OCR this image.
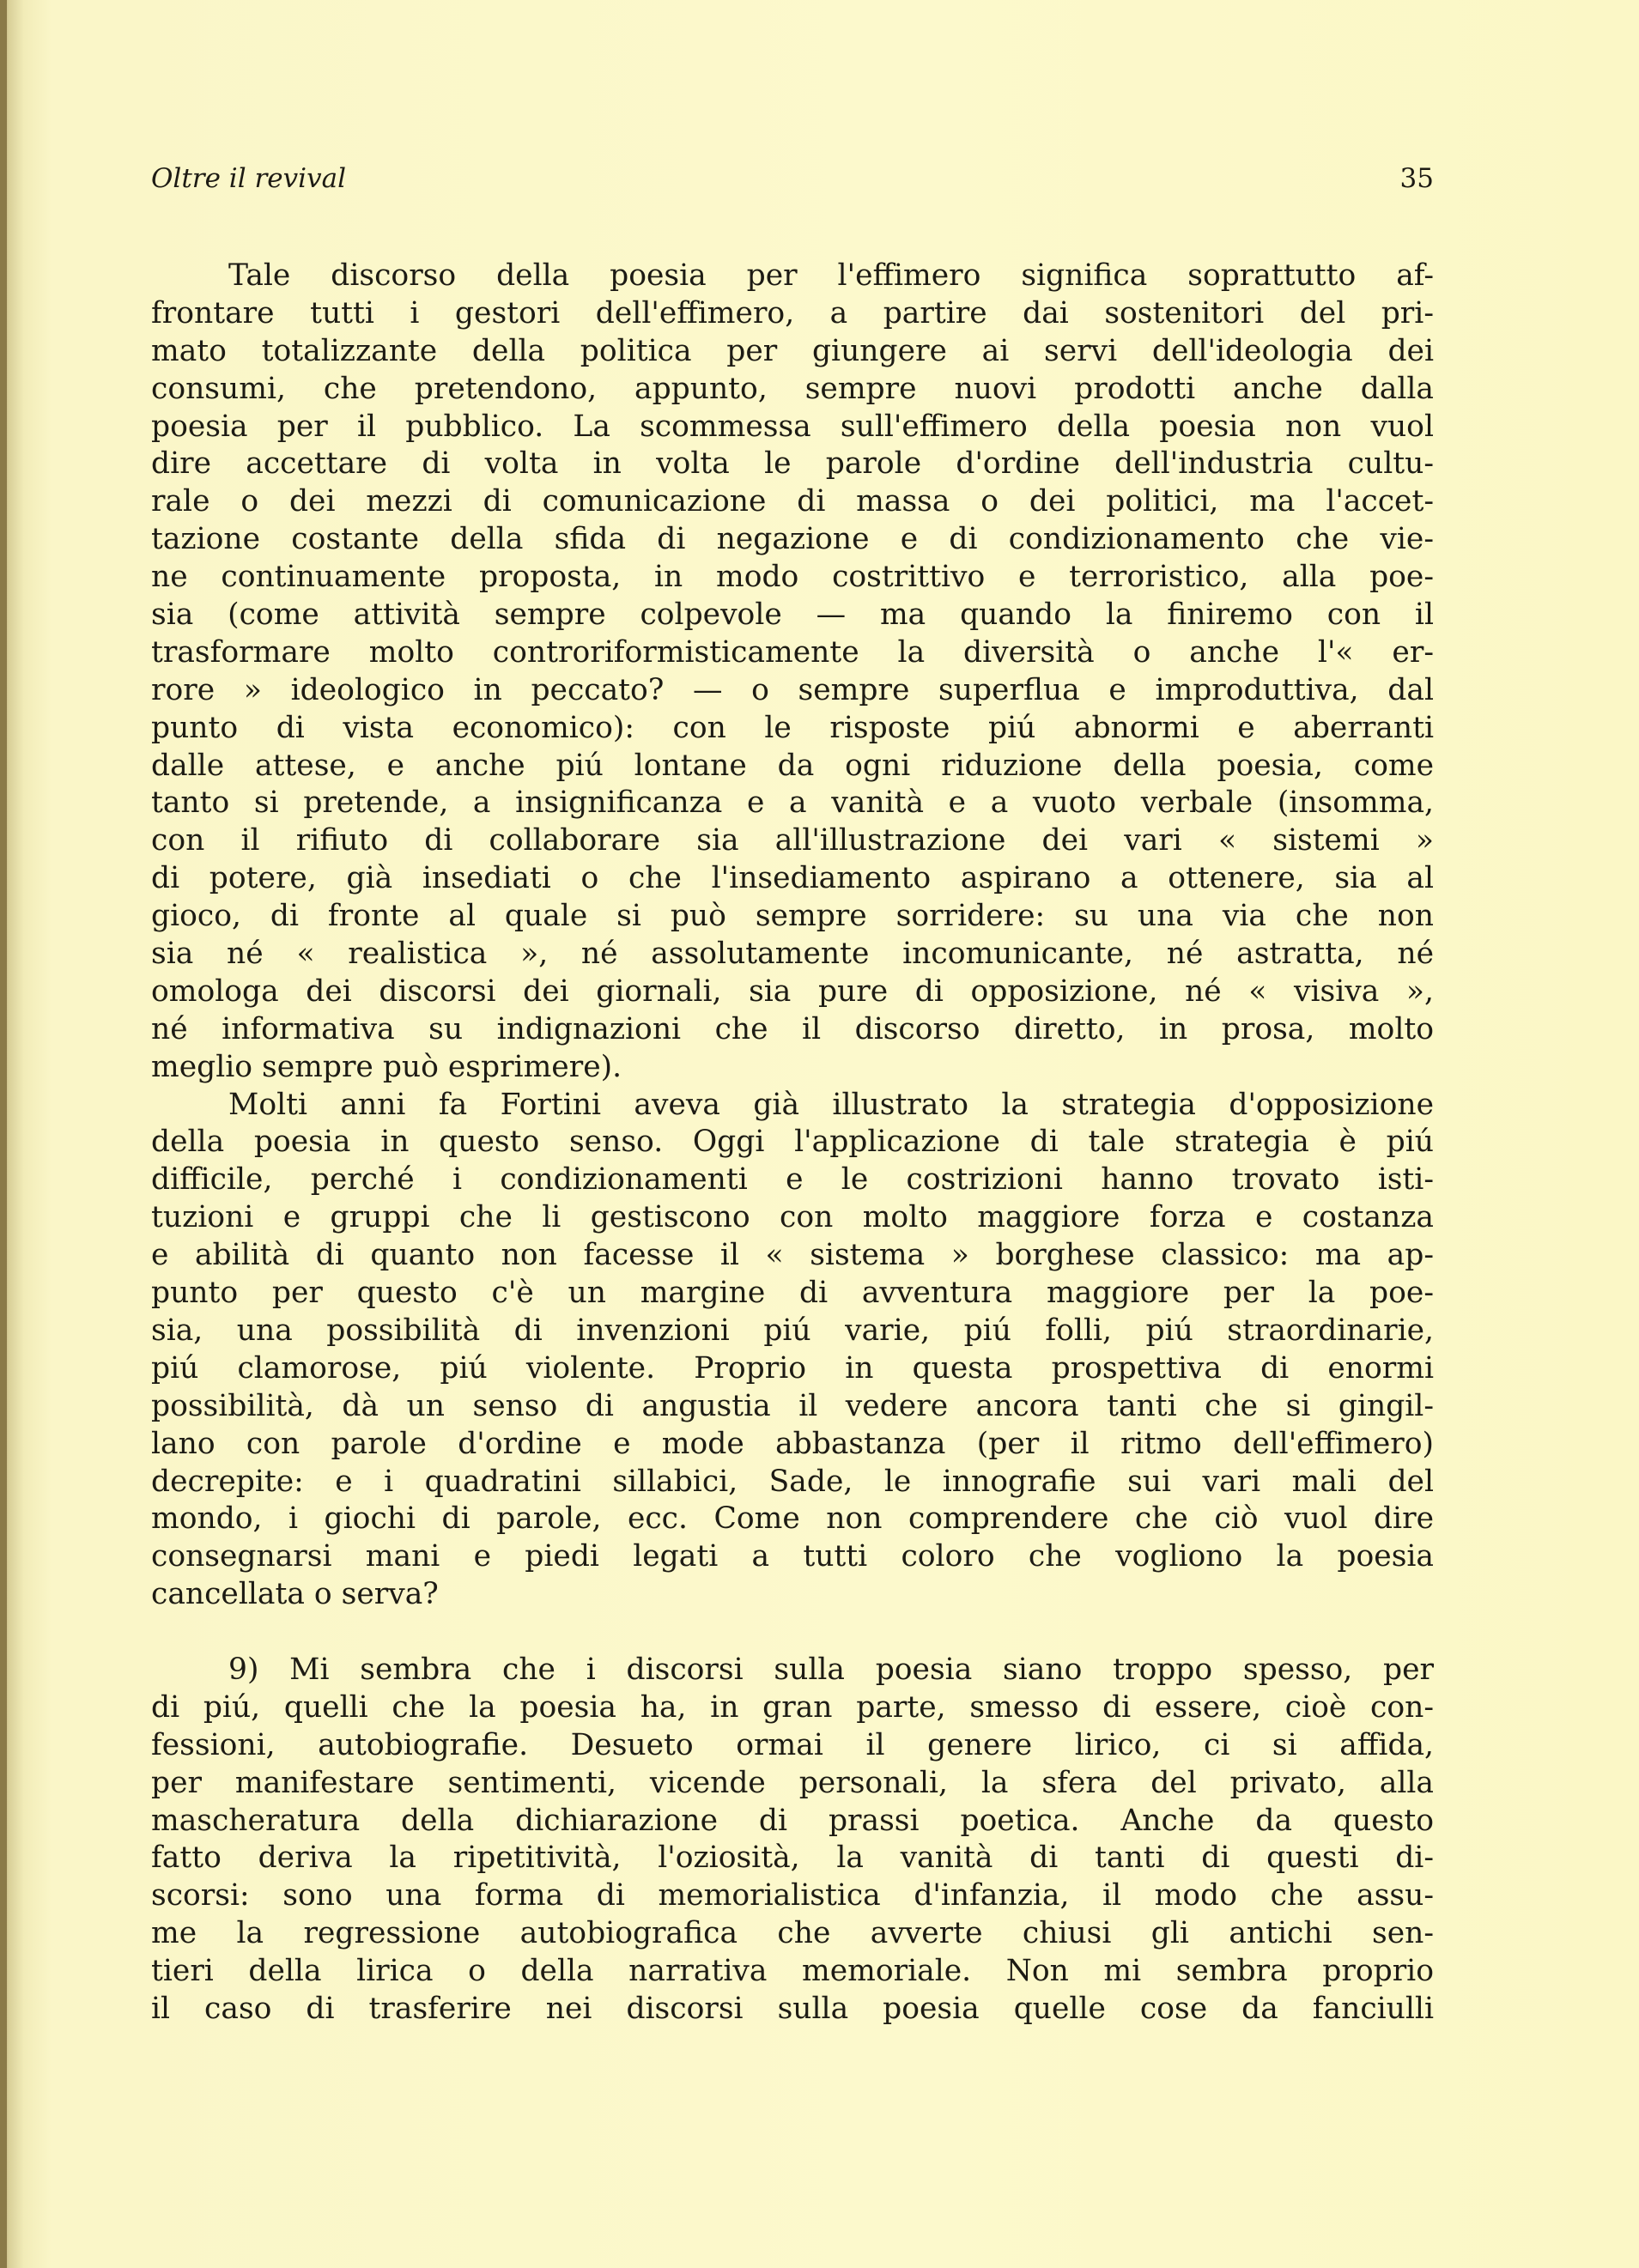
Oltre il revival	35
Tale discorso della poesia per l'effimero significa soprattutto af-
frontare tutti i gestori dell'effimero, a partire dai sostenitori del pri-
mato totalizzante della politica per giungere ai servi dell'ideologia dei
consumi, che pretendono, appunto, sempre nuovi prodotti anche dalla
poesia per il pubblico. La scommessa sull'effimero della poesia non vuol
dire accettare di volta in volta le parole d'ordine dell'industria cultu-
rale o dei mezzi di comunicazione di massa o dei politici, ma l'accet-
tazione costante della sfida di negazione e di condizionamento che vie-
ne continuamente proposta, in modo costrittivo e terroristico, alla poe-
sia (come attività sempre colpevole — ma quando la finiremo con il
trasformare molto controriformisticamente la diversità o anche l'« er-
rore » ideologico in peccato? — o sempre superflua e improduttiva, dal
punto di vista economico): con le risposte piú abnormi e aberranti
dalle attese, e anche piú lontane da ogni riduzione della poesia, come
tanto si pretende, a insignificanza e a vanità e a vuoto verbale (insomma,
con il rifiuto di collaborare sia all'illustrazione dei vari « sistemi »
di potere, già insediati o che l'insediamento aspirano a ottenere, sia al
gioco, di fronte al quale si può sempre sorridere: su una via che non
sia né « realistica », né assolutamente incomunicante, né astratta, né
omologa dei discorsi dei giornali, sia pure di opposizione, né « visiva »,
né informativa su indignazioni che il discorso diretto, in prosa, molto
meglio sempre può esprimere).
Molti anni fa Fortini aveva già illustrato la strategia d'opposizione
della poesia in questo senso. Oggi l'applicazione di tale strategia è piú
difficile, perché i condizionamenti e le costrizioni hanno trovato isti-
tuzioni e gruppi che li gestiscono con molto maggiore forza e costanza
e abilità di quanto non facesse il « sistema » borghese classico: ma ap-
punto per questo c'è un margine di avventura maggiore per la poe-
sia, una possibilità di invenzioni piú varie, piú folli, piú straordinarie,
piú clamorose, piú violente. Proprio in questa prospettiva di enormi
possibilità, dà un senso di angustia il vedere ancora tanti che si gingil-
lano con parole d'ordine e mode abbastanza (per il ritmo dell'effimero)
decrepite: e i quadratini sillabici, Sade, le innografie sui vari mali del
mondo, i giochi di parole, ecc. Come non comprendere che ciò vuol dire
consegnarsi mani e piedi legati a tutti coloro che vogliono la poesia
cancellata o serva?
9) Mi sembra che i discorsi sulla poesia siano troppo spesso, per
di piú, quelli che la poesia ha, in gran parte, smesso di essere, cioè con-
fessioni, autobiografie. Desueto ormai il genere lirico, ci si affida,
per manifestare sentimenti, vicende personali, la sfera del privato, alla
mascheratura della dichiarazione di prassi poetica. Anche da questo
fatto deriva la ripetitività, l'oziosità, la vanità di tanti di questi di-
scorsi: sono una forma di memorialistica d'infanzia, il modo che assu-
me la regressione autobiografica che avverte chiusi gli antichi sen-
tieri della lirica o della narrativa memoriale. Non mi sembra proprio
il caso di trasferire nei discorsi sulla poesia quelle cose da fanciulli
